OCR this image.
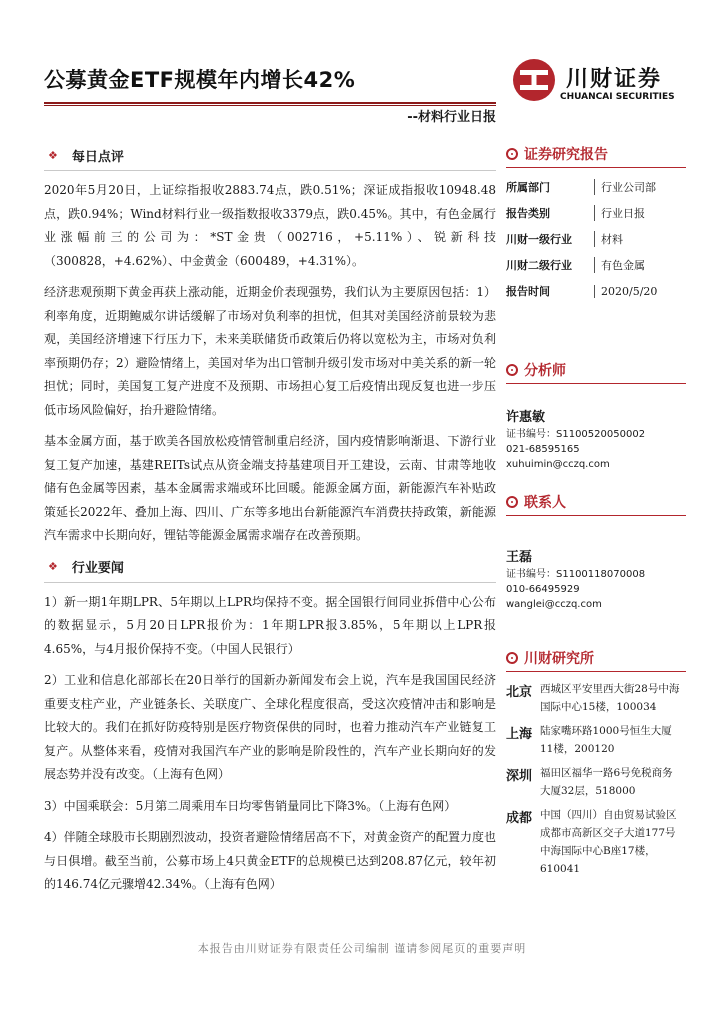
公募黄金ETF规模年内增长42%	川财证券
CHUANCAI SECURITIES
--材料行业日报
❖ 每日点评

2020年5月20日，上证综指报收2883.74点，跌0.51%；深证成指报收10948.48点，跌0.94%；Wind材料行业一级指数报收3379点，跌0.45%。其中，有色金属行业涨幅前三的公司为：*ST金贵（002716，+5.11%）、锐新科技（300828，+4.62%）、中金黄金（600489，+4.31%）。

经济悲观预期下黄金再获上涨动能，近期金价表现强势，我们认为主要原因包括：1）利率角度，近期鲍威尔讲话缓解了市场对负利率的担忧，但其对美国经济前景较为悲观，美国经济增速下行压力下，未来美联储货币政策后仍将以宽松为主，市场对负利率预期仍存；2）避险情绪上，美国对华为出口管制升级引发市场对中美关系的新一轮担忧；同时，美国复工复产进度不及预期、市场担心复工后疫情出现反复也进一步压低市场风险偏好，抬升避险情绪。

基本金属方面，基于欧美各国放松疫情管制重启经济，国内疫情影响渐退、下游行业复工复产加速，基建REITs试点从资金端支持基建项目开工建设，云南、甘肃等地收储有色金属等因素，基本金属需求端或环比回暖。能源金属方面，新能源汽车补贴政策延长2022年、叠加上海、四川、广东等多地出台新能源汽车消费扶持政策，新能源汽车需求中长期向好，锂钴等能源金属需求端存在改善预期。

❖ 行业要闻

1）新一期1年期LPR、5年期以上LPR均保持不变。据全国银行间同业拆借中心公布的数据显示，5月20日LPR报价为：1年期LPR报3.85%，5年期以上LPR报4.65%，与4月报价保持不变。（中国人民银行）

2）工业和信息化部部长在20日举行的国新办新闻发布会上说，汽车是我国国民经济重要支柱产业，产业链条长、关联度广、全球化程度很高，受这次疫情冲击和影响是比较大的。我们在抓好防疫特别是医疗物资保供的同时，也着力推动汽车产业链复工复产。从整体来看，疫情对我国汽车产业的影响是阶段性的，汽车产业长期向好的发展态势并没有改变。（上海有色网）

3）中国乘联会：5月第二周乘用车日均零售销量同比下降3%。（上海有色网）

4）伴随全球股市长期剧烈波动，投资者避险情绪居高不下，对黄金资产的配置力度也与日俱增。截至当前，公募市场上4只黄金ETF的总规模已达到208.87亿元，较年初的146.74亿元骤增42.34%。（上海有色网）

证券研究报告
所属部门	行业公司部
报告类别	行业日报
川财一级行业	材料
川财二级行业	有色金属
报告时间	2020/5/20
分析师
许惠敏
证书编号：S1100520050002
021-68595165
xuhuimin@cczq.com
联系人
王磊
证书编号：S1100118070008
010-66495929
wanglei@cczq.com
川财研究所
北京 西城区平安里西大街28号中海国际中心15楼，100034
上海 陆家嘴环路1000号恒生大厦11楼，200120
深圳 福田区福华一路6号免税商务大厦32层，518000
成都 中国（四川）自由贸易试验区成都市高新区交子大道177号中海国际中心B座17楼，610041
本报告由川财证券有限责任公司编制 谨请参阅尾页的重要声明
